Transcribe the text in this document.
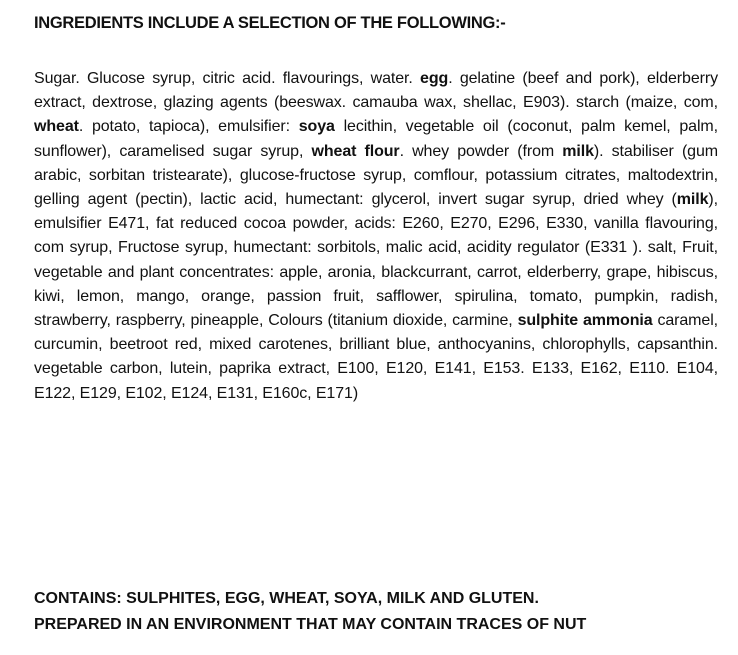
INGREDIENTS INCLUDE A SELECTION OF THE FOLLOWING:-
Sugar. Glucose syrup, citric acid. flavourings, water. egg. gelatine (beef and pork), elderberry extract, dextrose, glazing agents (beeswax. camauba wax, shellac, E903). starch (maize, com, wheat. potato, tapioca), emulsifier: soya lecithin, vegetable oil (coconut, palm kemel, palm, sunflower), caramelised sugar syrup, wheat flour. whey powder (from milk). stabiliser (gum arabic, sorbitan tristearate), glucose-fructose syrup, comflour, potassium citrates, maltodextrin, gelling agent (pectin), lactic acid, humectant: glycerol, invert sugar syrup, dried whey (milk), emulsifier E471, fat reduced cocoa powder, acids: E260, E270, E296, E330, vanilla flavouring, com syrup, Fructose syrup, humectant: sorbitols, malic acid, acidity regulator (E331 ). salt, Fruit, vegetable and plant concentrates: apple, aronia, blackcurrant, carrot, elderberry, grape, hibiscus, kiwi, lemon, mango, orange, passion fruit, safflower, spirulina, tomato, pumpkin, radish, strawberry, raspberry, pineapple, Colours (titanium dioxide, carmine, sulphite ammonia caramel, curcumin, beetroot red, mixed carotenes, brilliant blue, anthocyanins, chlorophylls, capsanthin. vegetable carbon, lutein, paprika extract, E100, E120, E141, E153. E133, E162, E110. E104, E122, E129, E102, E124, E131, E160c, E171)
CONTAINS: SULPHITES, EGG, WHEAT, SOYA, MILK AND GLUTEN.
PREPARED IN AN ENVIRONMENT THAT MAY CONTAIN TRACES OF NUT
